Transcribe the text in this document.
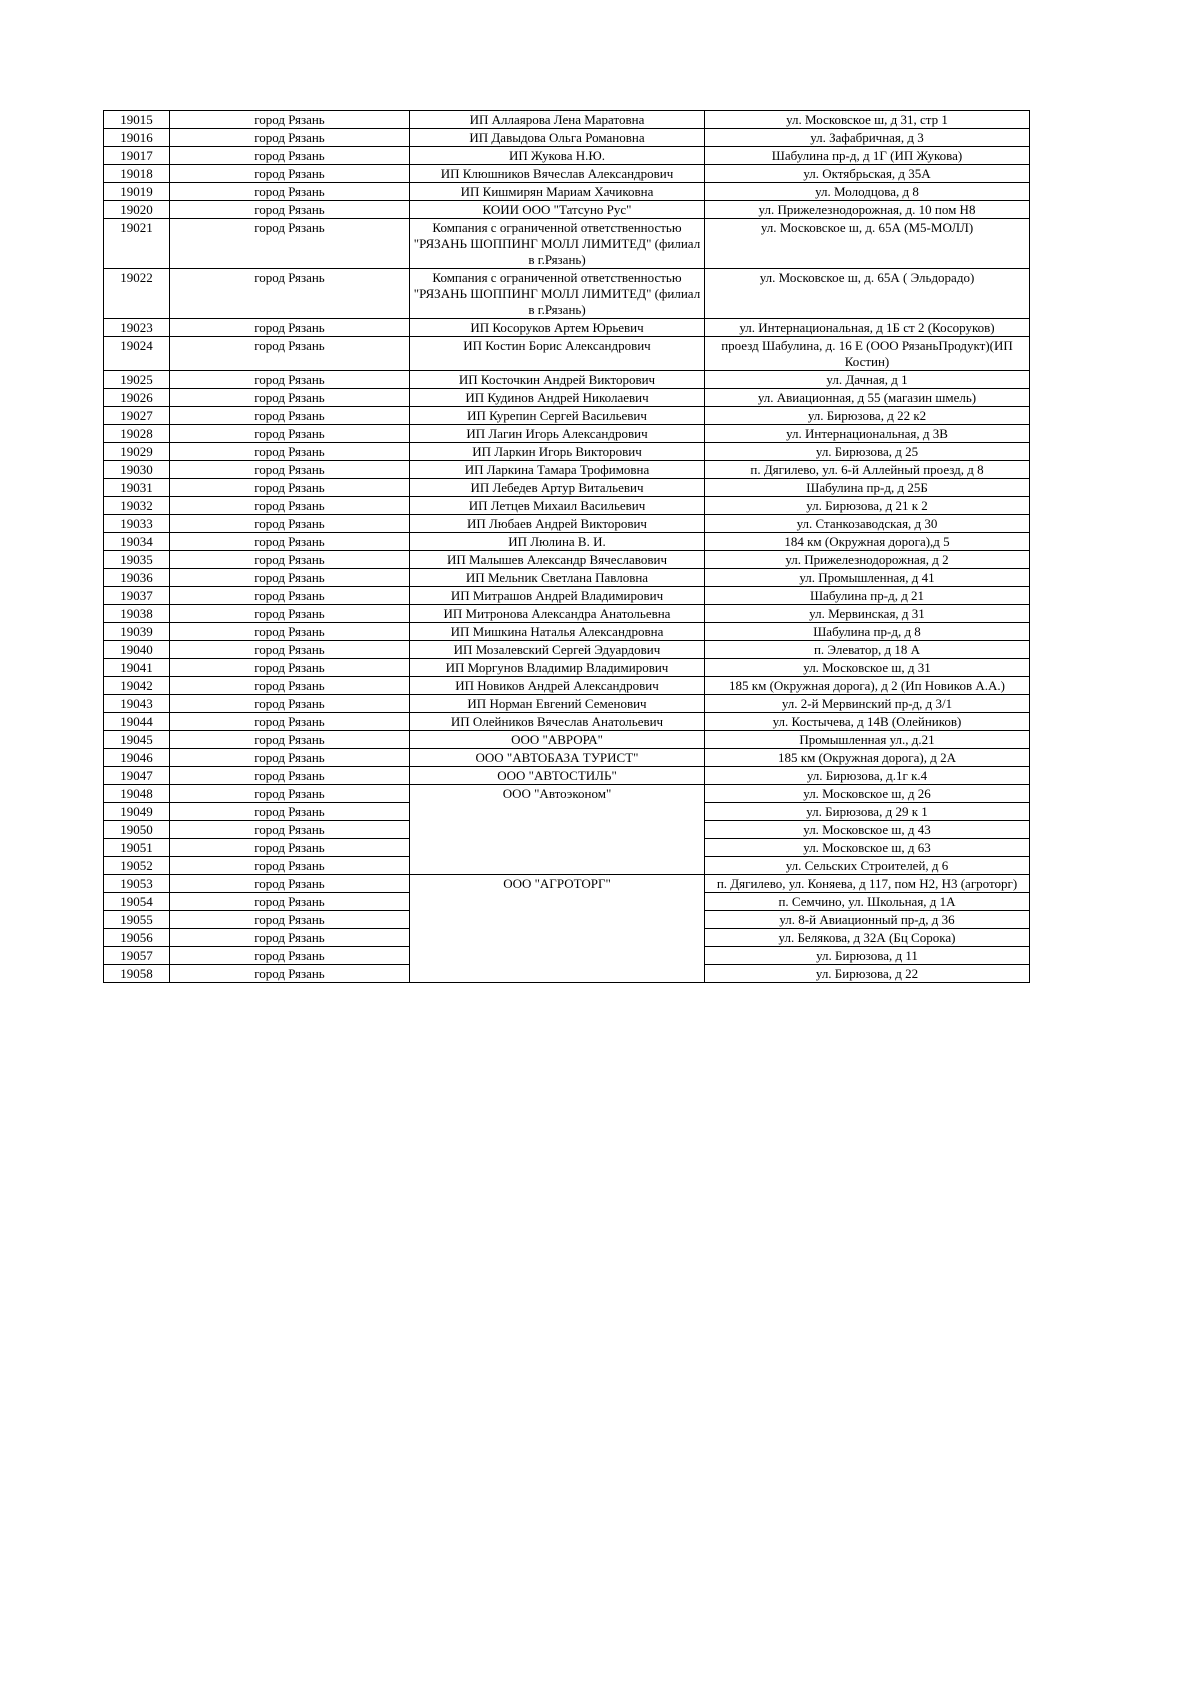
19015	город Рязань	ИП Аллаярова Лена Маратовна	ул. Московское ш, д 31, стр 1
19016	город Рязань	ИП Давыдова Ольга Романовна	ул. Зафабричная, д 3
19017	город Рязань	ИП Жукова Н.Ю.	Шабулина пр-д, д 1Г (ИП Жукова)
19018	город Рязань	ИП Клюшников Вячеслав Александрович	ул. Октябрьская, д 35А
19019	город Рязань	ИП Кишмирян Мариам Хачиковна	ул. Молодцова, д 8
19020	город Рязань	КОИИ ООО "Татсуно Рус"	ул. Прижелезнодорожная, д. 10 пом Н8
19021	город Рязань	Компания с ограниченной ответственностью "РЯЗАНЬ ШОППИНГ МОЛЛ ЛИМИТЕД" (филиал в г.Рязань)	ул. Московское ш, д. 65А (М5-МОЛЛ)
19022	город Рязань	Компания с ограниченной ответственностью "РЯЗАНЬ ШОППИНГ МОЛЛ ЛИМИТЕД" (филиал в г.Рязань)	ул. Московское ш, д. 65А ( Эльдорадо)
19023	город Рязань	ИП Косоруков Артем Юрьевич	ул. Интернациональная, д 1Б ст 2 (Косоруков)
19024	город Рязань	ИП Костин Борис Александрович	проезд Шабулина, д. 16 Е (ООО РязаньПродукт)(ИП Костин)
19025	город Рязань	ИП Косточкин Андрей Викторович	ул. Дачная, д 1
19026	город Рязань	ИП Кудинов Андрей Николаевич	ул. Авиационная, д 55 (магазин шмель)
19027	город Рязань	ИП Курепин Сергей Васильевич	ул. Бирюзова, д 22 к2
19028	город Рязань	ИП Лагин Игорь Александрович	ул. Интернациональная, д 3В
19029	город Рязань	ИП Ларкин Игорь Викторович	ул. Бирюзова, д 25
19030	город Рязань	ИП Ларкина Тамара Трофимовна	п. Дягилево, ул. 6-й Аллейный проезд, д 8
19031	город Рязань	ИП Лебедев Артур Витальевич	Шабулина пр-д, д 25Б
19032	город Рязань	ИП Летцев Михаил Васильевич	ул. Бирюзова, д 21 к 2
19033	город Рязань	ИП Любаев Андрей Викторович	ул. Станкозаводская, д 30
19034	город Рязань	ИП Люлина В. И.	184 км (Окружная дорога),д 5
19035	город Рязань	ИП Малышев Александр Вячеславович	ул. Прижелезнодорожная, д 2
19036	город Рязань	ИП Мельник Светлана Павловна	ул. Промышленная, д 41
19037	город Рязань	ИП Митрашов Андрей Владимирович	Шабулина пр-д, д 21
19038	город Рязань	ИП Митронова Александра Анатольевна	ул. Мервинская, д 31
19039	город Рязань	ИП Мишкина Наталья Александровна	Шабулина пр-д, д 8
19040	город Рязань	ИП Мозалевский Сергей Эдуардович	п. Элеватор, д 18 А
19041	город Рязань	ИП Моргунов Владимир Владимирович	ул. Московское ш, д 31
19042	город Рязань	ИП Новиков Андрей Александрович	185 км (Окружная дорога), д 2 (Ип Новиков А.А.)
19043	город Рязань	ИП Норман Евгений Семенович	ул. 2-й Мервинский пр-д, д 3/1
19044	город Рязань	ИП Олейников Вячеслав Анатольевич	ул. Костычева, д 14В (Олейников)
19045	город Рязань	ООО "АВРОРА"	Промышленная ул., д.21
19046	город Рязань	ООО "АВТОБАЗА ТУРИСТ"	185 км (Окружная дорога), д 2А
19047	город Рязань	ООО "АВТОСТИЛЬ"	ул. Бирюзова, д.1г к.4
19048	город Рязань	ООО "Автоэконом"	ул. Московское ш, д 26
19049	город Рязань		ул. Бирюзова, д 29 к 1
19050	город Рязань		ул. Московское ш, д 43
19051	город Рязань		ул. Московское ш, д 63
19052	город Рязань		ул. Сельских Строителей, д 6
19053	город Рязань	ООО "АГРОТОРГ"	п. Дягилево, ул. Коняева, д 117, пом Н2, Н3 (агроторг)
19054	город Рязань		п. Семчино, ул. Школьная, д 1А
19055	город Рязань		ул. 8-й Авиационный пр-д, д 36
19056	город Рязань		ул. Белякова, д 32А (Бц Сорока)
19057	город Рязань		ул. Бирюзова, д 11
19058	город Рязань		ул. Бирюзова, д 22
